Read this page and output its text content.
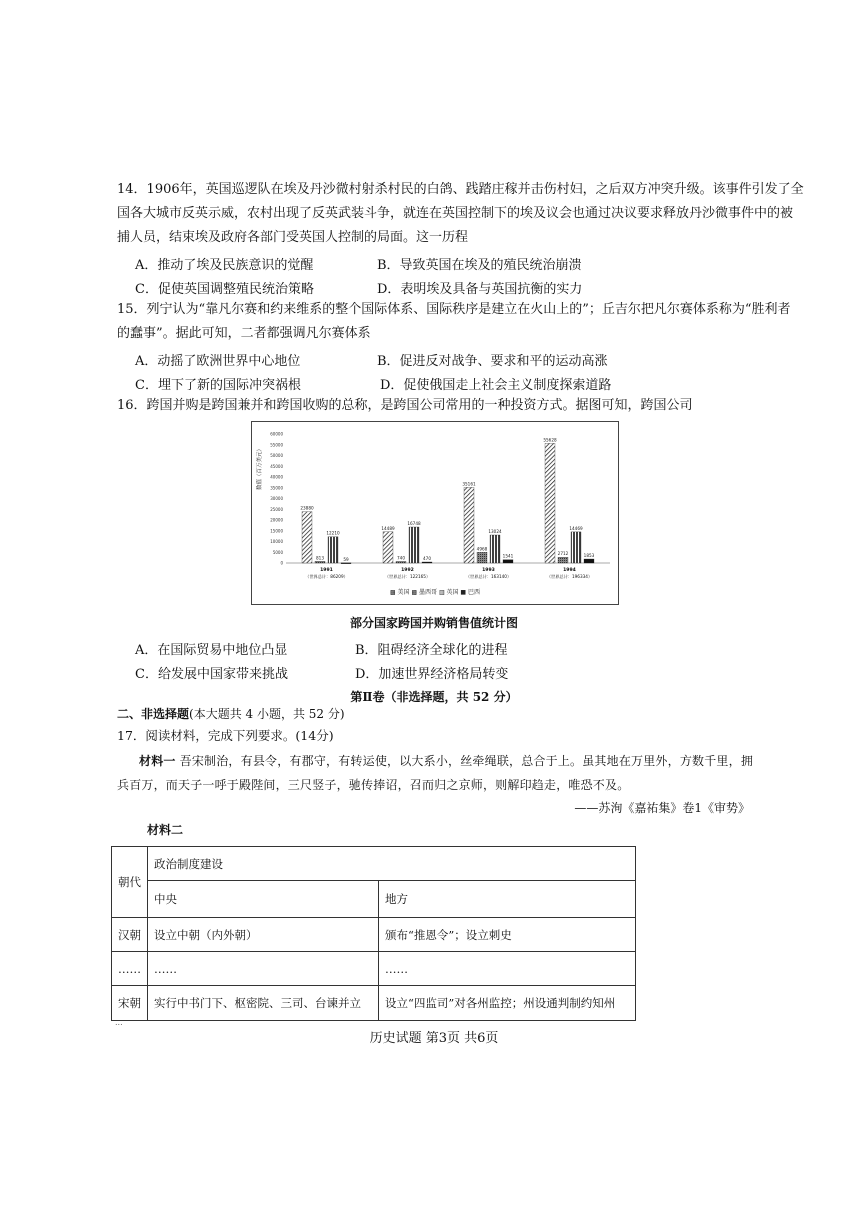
14．1906年，英国巡逻队在埃及丹沙微村射杀村民的白鸽、践踏庄稼并击伤村妇，之后双方冲突升级。该事件引发了全
国各大城市反英示威，农村出现了反英武装斗争，就连在英国控制下的埃及议会也通过决议要求释放丹沙微事件中的被
捕人员，结束埃及政府各部门受英国人控制的局面。这一历程
A．推动了埃及民族意识的觉醒	B．导致英国在埃及的殖民统治崩溃
C．促使英国调整殖民统治策略	D．表明埃及具备与英国抗衡的实力
15．列宁认为“靠凡尔赛和约来维系的整个国际体系、国际秩序是建立在火山上的”；丘吉尔把凡尔赛体系称为“胜利者
的蠢事”。据此可知，二者都强调凡尔赛体系
A．动摇了欧洲世界中心地位	B．促进反对战争、要求和平的运动高涨
C．埋下了新的国际冲突祸根	D．促使俄国走上社会主义制度探索道路
16．跨国并购是跨国兼并和跨国收购的总称，是跨国公司常用的一种投资方式。据图可知，跨国公司
0
5000
10000
15000
20000
25000
30000
35000
40000
45000
50000
55000
60000
23880
813
12210
59
1991
（世界总计：86209）
14489
740
16748
470
1992
（世界总计：122165）
35161
4968
13024
1541
1993
（世界总计：163140）
55628
2712
14469
1853
1994
（世界总计：196334）
数值（百万美元）
▩ 美国 ▩ 墨西哥 ▥ 英国 ■ 巴西
部分国家跨国并购销售值统计图
A．在国际贸易中地位凸显	B．阻碍经济全球化的进程
C．给发展中国家带来挑战	D．加速世界经济格局转变
第Ⅱ卷（非选择题，共 52 分）
二、非选择题(本大题共 4 小题，共 52 分)
17．阅读材料，完成下列要求。(14分)
材料一 吾宋制治，有县令，有郡守，有转运使，以大系小，丝牵绳联，总合于上。虽其地在万里外，方数千里，拥兵百万，而天子一呼于殿陛间，三尺竖子，驰传捧诏，召而归之京师，则解印趋走，唯恐不及。
——苏洵《嘉祐集》卷1《审势》
材料二
朝代	政治制度建设	
	中央	地方
汉朝	设立中朝（内外朝）	颁布“推恩令”；设立刺史
……	……	……
宋朝	实行中书门下、枢密院、三司、台谏并立	设立“四监司”对各州监控；州设通判制约知州
...
历史试题 第3页 共6页
